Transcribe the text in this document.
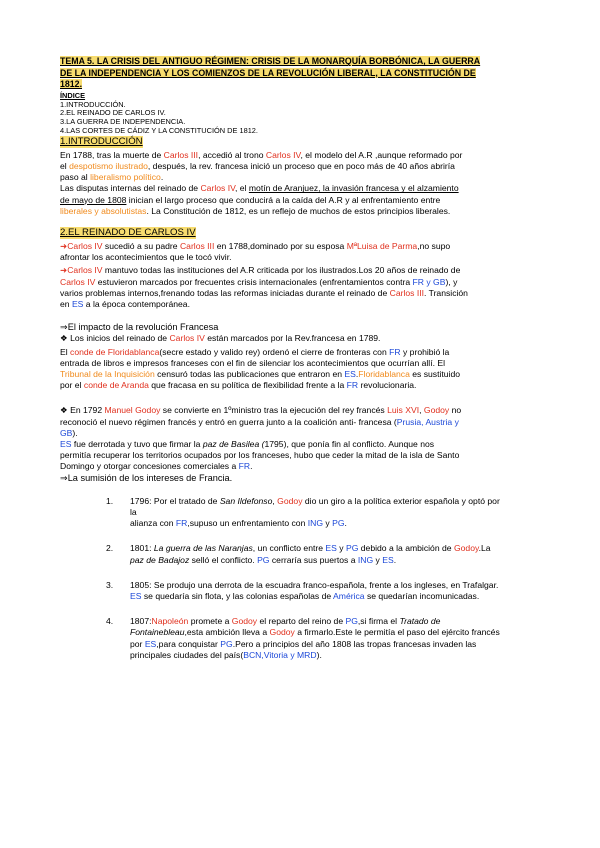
TEMA 5. LA CRISIS DEL ANTIGUO RÉGIMEN: CRISIS DE LA MONARQUÍA BORBÓNICA, LA GUERRA
DE LA INDEPENDENCIA Y LOS COMIENZOS DE LA REVOLUCIÓN LIBERAL, LA CONSTITUCIÓN DE
1812.
ÍNDICE
1.INTRODUCCIÓN.
2.EL REINADO DE CARLOS IV.
3.LA GUERRA DE INDEPENDENCIA.
4.LAS CORTES DE CÁDIZ Y LA CONSTITUCIÓN DE 1812.
1.INTRODUCCIÓN
En 1788, tras la muerte de Carlos III, accedió al trono Carlos IV, el modelo del A.R ,aunque reformado por
el despotismo ilustrado, después, la rev. francesa inició un proceso que en poco más de 40 años abriría
paso al liberalismo político.
Las disputas internas del reinado de Carlos IV, el motín de Aranjuez, la invasión francesa y el alzamiento
de mayo de 1808 inician el largo proceso que conducirá a la caída del A.R y al enfrentamiento entre
liberales y absolutistas. La Constitución de 1812, es un reflejo de muchos de estos principios liberales.
2.EL REINADO DE CARLOS IV
➜Carlos IV sucedió a su padre Carlos III en 1788,dominado por su esposa MªLuisa de Parma,no supo
afrontar los acontecimientos que le tocó vivir.
➜Carlos IV mantuvo todas las instituciones del A.R criticada por los ilustrados.Los 20 años de reinado de
Carlos IV estuvieron marcados por frecuentes crisis internacionales (enfrentamientos contra FR y GB), y
varios problemas internos,frenando todas las reformas iniciadas durante el reinado de Carlos III. Transición
en ES a la época contemporánea.
⇒El impacto de la revolución Francesa
❖ Los inicios del reinado de Carlos IV están marcados por la Rev.francesa en 1789.
El conde de Floridablanca(secre estado y valido rey) ordenó el cierre de fronteras con FR y prohibió la
entrada de libros e impresos franceses con el fin de silenciar los acontecimientos que ocurrían allí. El
Tribunal de la Inquisición censuró todas las publicaciones que entraron en ES.Floridablanca es sustituido
por el conde de Aranda que fracasa en su política de flexibilidad frente a la FR revolucionaria.
❖ En 1792 Manuel Godoy se convierte en 1ºministro tras la ejecución del rey francés Luis XVI, Godoy no
reconoció el nuevo régimen francés y entró en guerra junto a la coalición anti- francesa (Prusia, Austria y
GB).
ES fue derrotada y tuvo que firmar la paz de Basilea (1795), que ponía fin al conflicto. Aunque nos
permitía recuperar los territorios ocupados por los franceses, hubo que ceder la mitad de la isla de Santo
Domingo y otorgar concesiones comerciales a FR.
⇒La sumisión de los intereses de Francia.
1. 1796: Por el tratado de San Ildefonso, Godoy dio un giro a la política exterior española y optó por
la
alianza con FR,supuso un enfrentamiento con ING y PG.
2. 1801: La guerra de las Naranjas, un conflicto entre ES y PG debido a la ambición de Godoy.La
paz de Badajoz selló el conflicto. PG cerraría sus puertos a ING y ES.
3. 1805: Se produjo una derrota de la escuadra franco-española, frente a los ingleses, en Trafalgar.
ES se quedaría sin flota, y las colonias españolas de América se quedarían incomunicadas.
4. 1807:Napoleón promete a Godoy el reparto del reino de PG,si firma el Tratado de
Fontainebleau,esta ambición lleva a Godoy a firmarlo.Este le permitía el paso del ejército francés
por ES,para conquistar PG.Pero a principios del año 1808 las tropas francesas invaden las
principales ciudades del país(BCN,Vitoria y MRD).
